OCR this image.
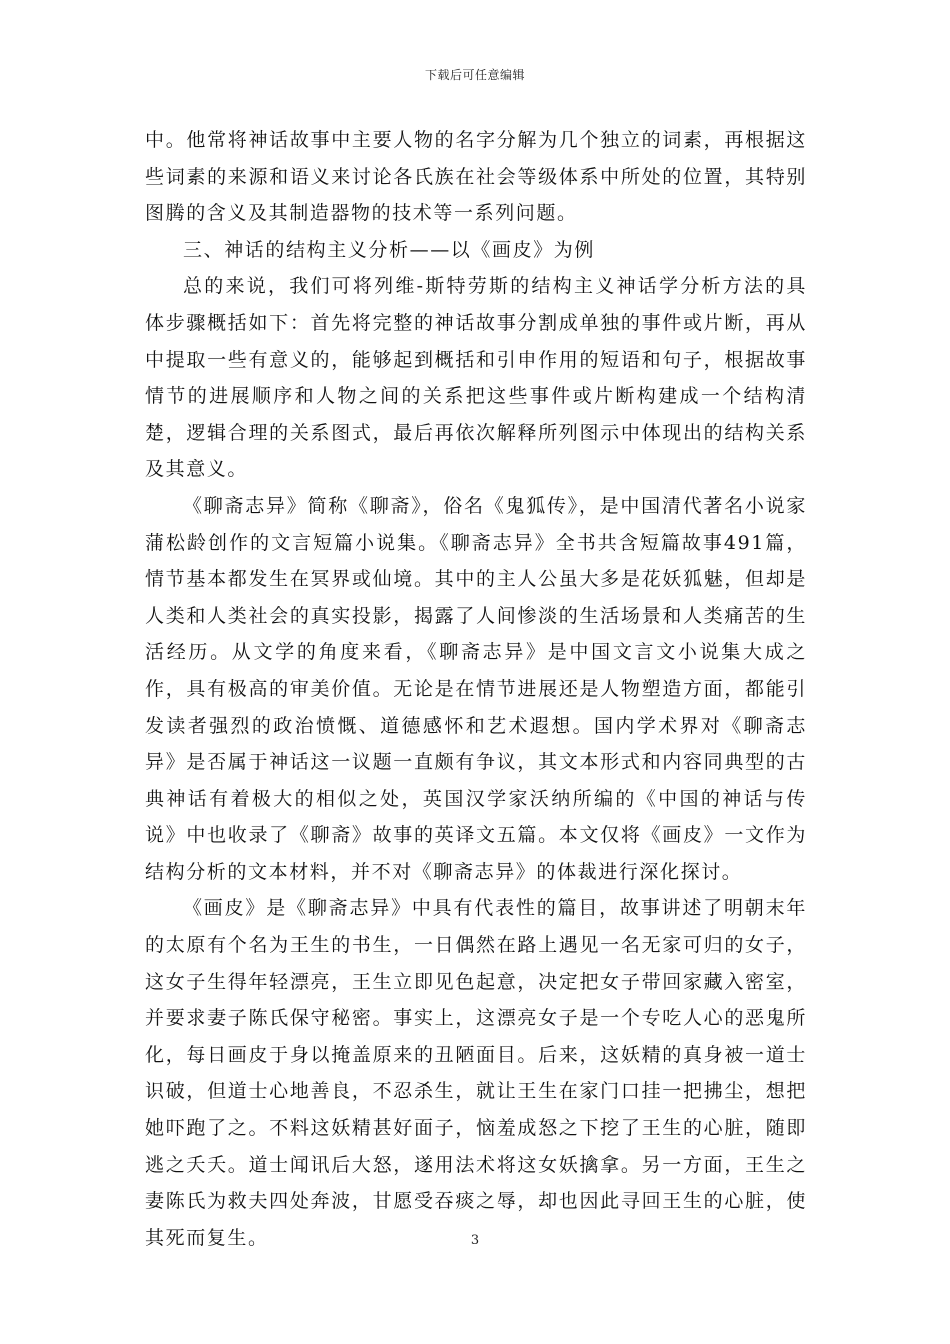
下载后可任意编辑

中。他常将神话故事中主要人物的名字分解为几个独立的词素，再根据这些词素的来源和语义来讨论各氏族在社会等级体系中所处的位置，其特别图腾的含义及其制造器物的技术等一系列问题。

三、神话的结构主义分析——以《画皮》为例

总的来说，我们可将列维-斯特劳斯的结构主义神话学分析方法的具体步骤概括如下：首先将完整的神话故事分割成单独的事件或片断，再从中提取一些有意义的，能够起到概括和引申作用的短语和句子，根据故事情节的进展顺序和人物之间的关系把这些事件或片断构建成一个结构清楚，逻辑合理的关系图式，最后再依次解释所列图示中体现出的结构关系及其意义。

《聊斋志异》简称《聊斋》，俗名《鬼狐传》，是中国清代著名小说家蒲松龄创作的文言短篇小说集。《聊斋志异》全书共含短篇故事491篇，情节基本都发生在冥界或仙境。其中的主人公虽大多是花妖狐魅，但却是人类和人类社会的真实投影，揭露了人间惨淡的生活场景和人类痛苦的生活经历。从文学的角度来看，《聊斋志异》是中国文言文小说集大成之作，具有极高的审美价值。无论是在情节进展还是人物塑造方面，都能引发读者强烈的政治愤慨、道德感怀和艺术遐想。国内学术界对《聊斋志异》是否属于神话这一议题一直颇有争议，其文本形式和内容同典型的古典神话有着极大的相似之处，英国汉学家沃纳所编的《中国的神话与传说》中也收录了《聊斋》故事的英译文五篇。本文仅将《画皮》一文作为结构分析的文本材料，并不对《聊斋志异》的体裁进行深化探讨。

《画皮》是《聊斋志异》中具有代表性的篇目，故事讲述了明朝末年的太原有个名为王生的书生，一日偶然在路上遇见一名无家可归的女子，这女子生得年轻漂亮，王生立即见色起意，决定把女子带回家藏入密室，并要求妻子陈氏保守秘密。事实上，这漂亮女子是一个专吃人心的恶鬼所化，每日画皮于身以掩盖原来的丑陋面目。后来，这妖精的真身被一道士识破，但道士心地善良，不忍杀生，就让王生在家门口挂一把拂尘，想把她吓跑了之。不料这妖精甚好面子，恼羞成怒之下挖了王生的心脏，随即逃之夭夭。道士闻讯后大怒，遂用法术将这女妖擒拿。另一方面，王生之妻陈氏为救夫四处奔波，甘愿受吞痰之辱，却也因此寻回王生的心脏，使其死而复生。	3
